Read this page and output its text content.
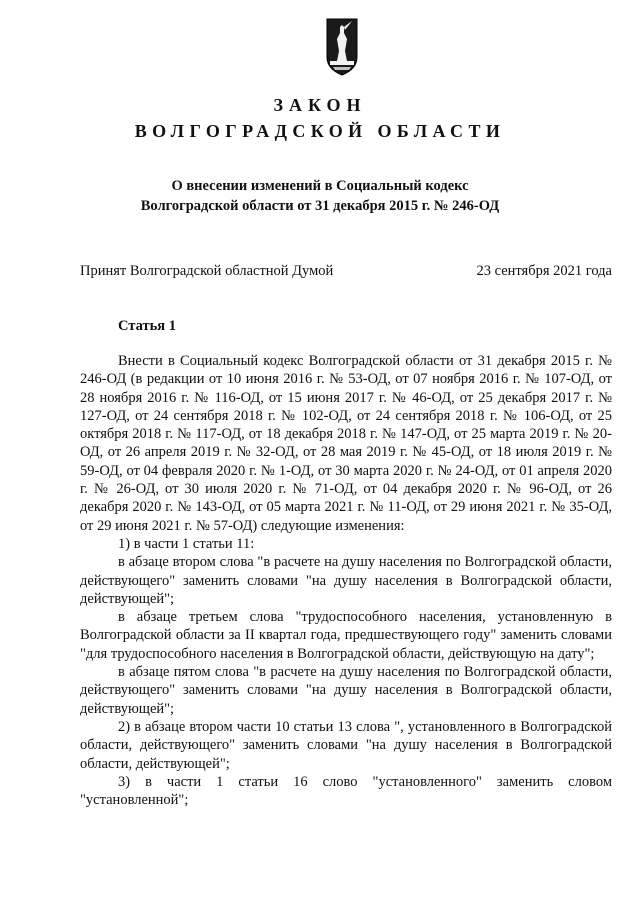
ЗАКОН
ВОЛГОГРАДСКОЙ ОБЛАСТИ
О внесении изменений в Социальный кодекс
Волгоградской области от 31 декабря 2015 г. № 246-ОД
Принят Волгоградской областной Думой	23 сентября 2021 года
Статья 1

Внести в Социальный кодекс Волгоградской области от 31 декабря 2015 г. № 246-ОД (в редакции от 10 июня 2016 г. № 53-ОД, от 07 ноября 2016 г. № 107-ОД, от 28 ноября 2016 г. № 116-ОД, от 15 июня 2017 г. № 46-ОД, от 25 декабря 2017 г. № 127-ОД, от 24 сентября 2018 г. № 102-ОД, от 24 сентября 2018 г. № 106-ОД, от 25 октября 2018 г. № 117-ОД, от 18 декабря 2018 г. № 147-ОД, от 25 марта 2019 г. № 20-ОД, от 26 апреля 2019 г. № 32-ОД, от 28 мая 2019 г. № 45-ОД, от 18 июля 2019 г. № 59-ОД, от 04 февраля 2020 г. № 1-ОД, от 30 марта 2020 г. № 24-ОД, от 01 апреля 2020 г. № 26-ОД, от 30 июля 2020 г. № 71-ОД, от 04 декабря 2020 г. № 96-ОД, от 26 декабря 2020 г. № 143-ОД, от 05 марта 2021 г. № 11-ОД, от 29 июня 2021 г. № 35-ОД, от 29 июня 2021 г. № 57-ОД) следующие изменения:

1) в части 1 статьи 11:

в абзаце втором слова "в расчете на душу населения по Волгоградской области, действующего" заменить словами "на душу населения в Волгоградской области, действующей";

в абзаце третьем слова "трудоспособного населения, установленную в Волгоградской области за II квартал года, предшествующего году" заменить словами "для трудоспособного населения в Волгоградской области, действующую на дату";

в абзаце пятом слова "в расчете на душу населения по Волгоградской области, действующего" заменить словами "на душу населения в Волгоградской области, действующей";

2) в абзаце втором части 10 статьи 13 слова ", установленного в Волгоградской области, действующего" заменить словами "на душу населения в Волгоградской области, действующей";

3) в части 1 статьи 16 слово "установленного" заменить словом "установленной";
